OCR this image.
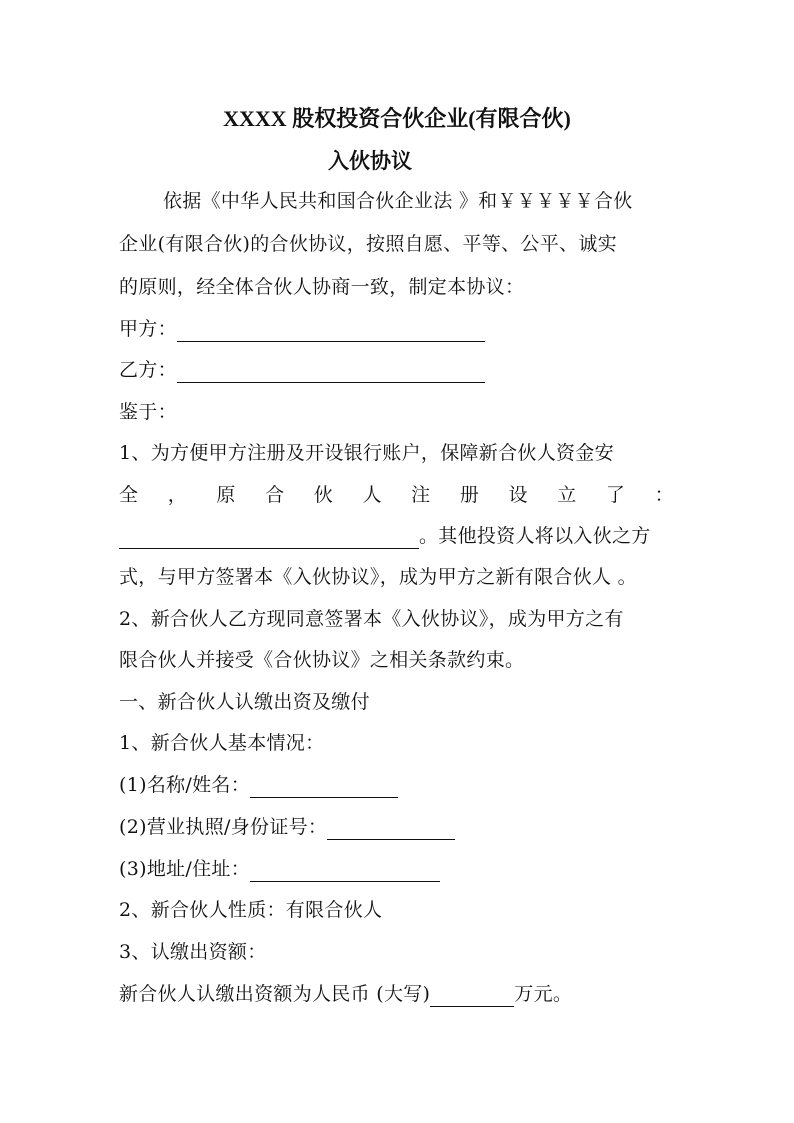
XXXX 股权投资合伙企业(有限合伙)
入伙协议
依据《中华人民共和国合伙企业法 》和￥￥￥￥￥合伙
企业(有限合伙)的合伙协议，按照自愿、平等、公平、诚实
的原则，经全体合伙人协商一致，制定本协议：
甲方：
乙方：
鉴于：
1、为方便甲方注册及开设银行账户，保障新合伙人资金安
全 ， 原 合 伙 人 注 册 设 立 了 ：
。其他投资人将以入伙之方
式，与甲方签署本《入伙协议》，成为甲方之新有限合伙人 。
2、新合伙人乙方现同意签署本《入伙协议》，成为甲方之有
限合伙人并接受《合伙协议》之相关条款约束。
一、新合伙人认缴出资及缴付
1、新合伙人基本情况：
(1)名称/姓名：
(2)营业执照/身份证号：
(3)地址/住址：
2、新合伙人性质：有限合伙人
3、认缴出资额：
新合伙人认缴出资额为人民币 (大写)	万元。
